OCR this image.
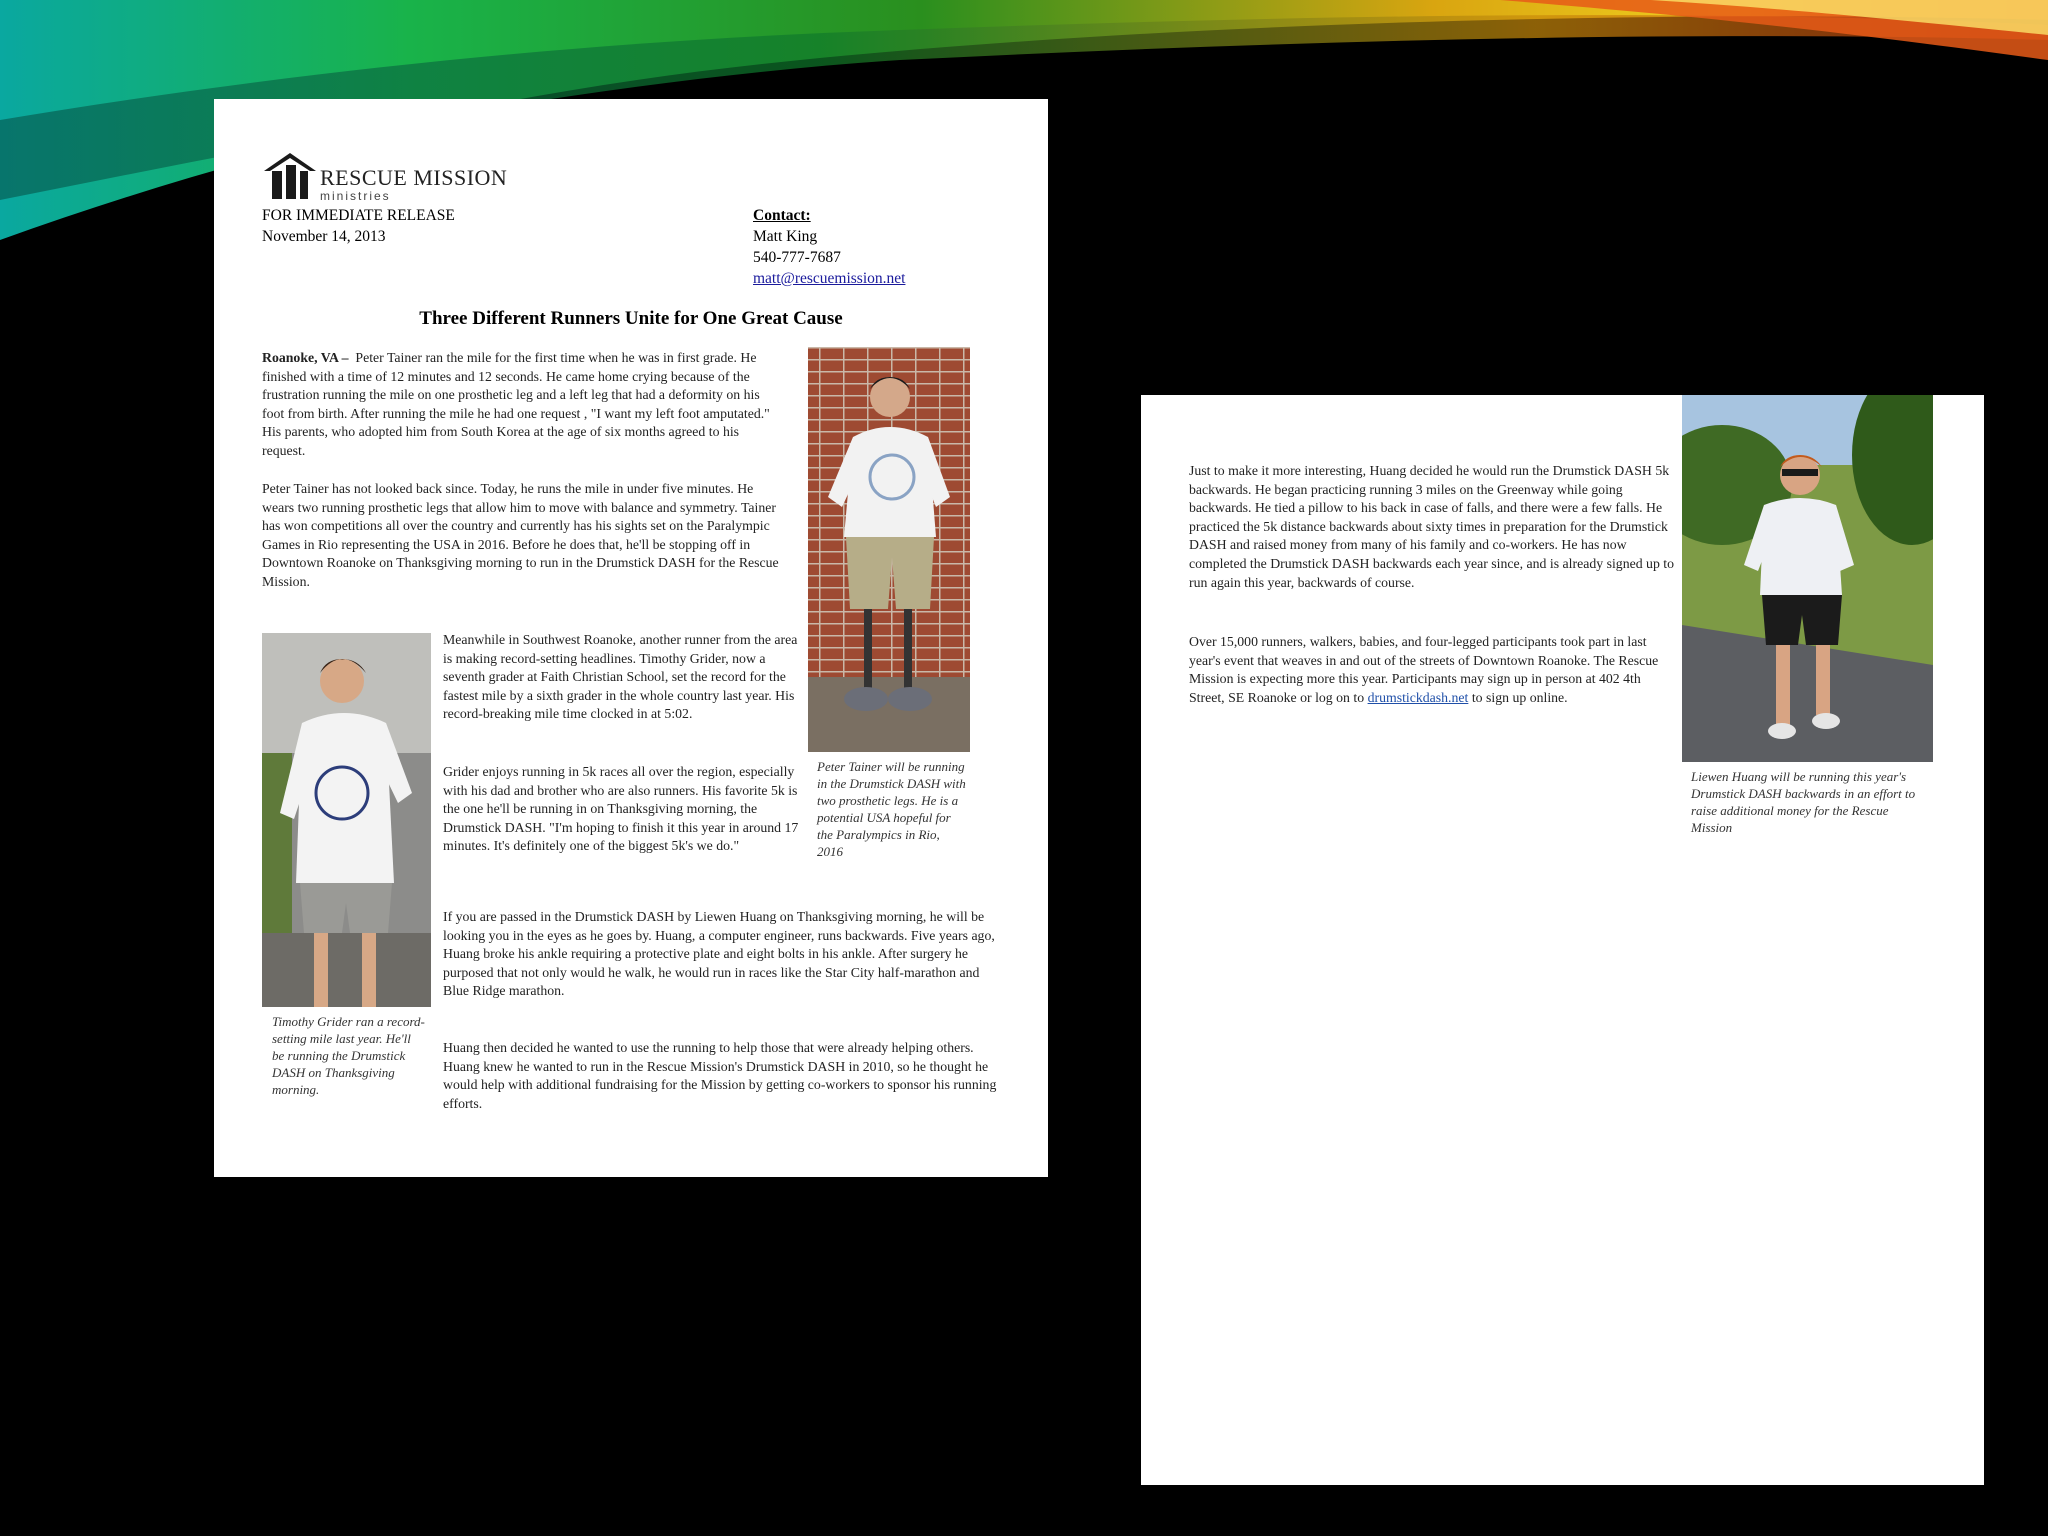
RESCUE MISSION
ministries
FOR IMMEDIATE RELEASE
November 14, 2013
Contact:
Matt King
540-777-7687
matt@rescuemission.net
Three Different Runners Unite for One Great Cause

Roanoke, VA – Peter Tainer ran the mile for the first time when he was in first grade. He finished with a time of 12 minutes and 12 seconds. He came home crying because of the frustration running the mile on one prosthetic leg and a left leg that had a deformity on his foot from birth. After running the mile he had one request , "I want my left foot amputated." His parents, who adopted him from South Korea at the age of six months agreed to his request.

Peter Tainer has not looked back since. Today, he runs the mile in under five minutes. He wears two running prosthetic legs that allow him to move with balance and symmetry. Tainer has won competitions all over the country and currently has his sights set on the Paralympic Games in Rio representing the USA in 2016. Before he does that, he'll be stopping off in Downtown Roanoke on Thanksgiving morning to run in the Drumstick DASH for the Rescue Mission.

Peter Tainer will be running in the Drumstick DASH with two prosthetic legs. He is a potential USA hopeful for the Paralympics in Rio, 2016
Timothy Grider ran a record-setting mile last year. He'll be running the Drumstick DASH on Thanksgiving morning.

Meanwhile in Southwest Roanoke, another runner from the area is making record-setting headlines. Timothy Grider, now a seventh grader at Faith Christian School, set the record for the fastest mile by a sixth grader in the whole country last year. His record-breaking mile time clocked in at 5:02.

Grider enjoys running in 5k races all over the region, especially with his dad and brother who are also runners. His favorite 5k is the one he'll be running in on Thanksgiving morning, the Drumstick DASH. "I'm hoping to finish it this year in around 17 minutes. It's definitely one of the biggest 5k's we do."

If you are passed in the Drumstick DASH by Liewen Huang on Thanksgiving morning, he will be looking you in the eyes as he goes by. Huang, a computer engineer, runs backwards. Five years ago, Huang broke his ankle requiring a protective plate and eight bolts in his ankle. After surgery he purposed that not only would he walk, he would run in races like the Star City half-marathon and Blue Ridge marathon.

Huang then decided he wanted to use the running to help those that were already helping others. Huang knew he wanted to run in the Rescue Mission's Drumstick DASH in 2010, so he thought he would help with additional fundraising for the Mission by getting co-workers to sponsor his running efforts.

Just to make it more interesting, Huang decided he would run the Drumstick DASH 5k backwards. He began practicing running 3 miles on the Greenway while going backwards. He tied a pillow to his back in case of falls, and there were a few falls. He practiced the 5k distance backwards about sixty times in preparation for the Drumstick DASH and raised money from many of his family and co-workers. He has now completed the Drumstick DASH backwards each year since, and is already signed up to run again this year, backwards of course.

Over 15,000 runners, walkers, babies, and four-legged participants took part in last year's event that weaves in and out of the streets of Downtown Roanoke. The Rescue Mission is expecting more this year. Participants may sign up in person at 402 4th Street, SE Roanoke or log on to drumstickdash.net to sign up online.

Liewen Huang will be running this year's Drumstick DASH backwards in an effort to raise additional money for the Rescue Mission
